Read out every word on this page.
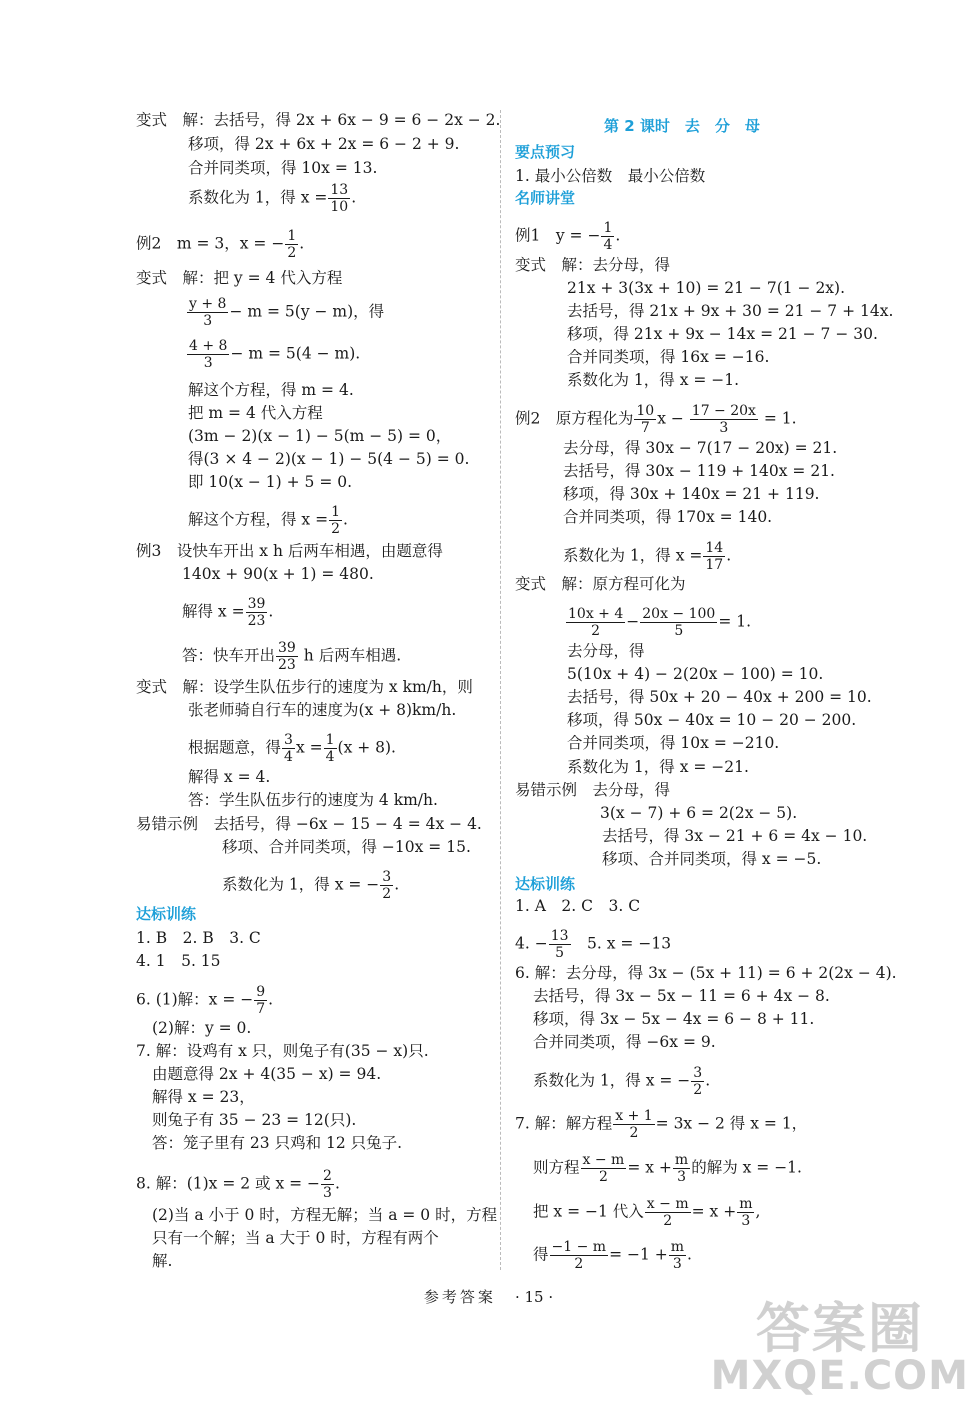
变式　解：去括号，得 2x + 6x − 9 = 6 − 2x − 2.
移项，得 2x + 6x + 2x = 6 − 2 + 9.
合并同类项，得 10x = 13.
系数化为 1，得 $x = \frac{13}{10}$ .
例2　m = 3，x = − $\frac{1}{2}$ .
变式　解：把 y = 4 代入方程
$\frac{y + 8}{3} - m = 5(y - m)$，得
$\frac{4 + 8}{3} - m = 5(4 - m)$.
解这个方程，得 m = 4.
把 m = 4 代入方程
(3m − 2)(x − 1) − 5(m − 5) = 0，
得(3 × 4 − 2)(x − 1) − 5(4 − 5) = 0.
即 10(x − 1) + 5 = 0.
解这个方程，得 $x = \frac{1}{2}$ .
例3　设快车开出 x h 后两车相遇，由题意得
140x + 90(x + 1) = 480.
解得 $x = \frac{39}{23}$ .
答：快车开出 $\frac{39}{23}$ h 后两车相遇.
变式　解：设学生队伍步行的速度为 x km/h，则
张老师骑自行车的速度为(x + 8)km/h.
根据题意，得 $\frac{3}{4}$ $x = \frac{1}{4} (x + 8)$.
解得 x = 4.
答：学生队伍步行的速度为 4 km/h.
易错示例　去括号，得 −6x − 15 − 4 = 4x − 4.
移项、合并同类项，得 −10x = 15.
系数化为 1，得 x = − $\frac{3}{2}$ .
达标训练
1. B　2. B　3. C
4. 1　5. 15
6. (1)解：x = − $\frac{9}{7}$ .
(2)解：y = 0.
7. 解：设鸡有 x 只，则兔子有(35 − x)只.
由题意得 2x + 4(35 − x) = 94.
解得 x = 23，
则兔子有 35 − 23 = 12(只).
答：笼子里有 23 只鸡和 12 只兔子.
8. 解：(1)x = 2 或 x = − $\frac{2}{3}$ .
(2)当 a 小于 0 时，方程无解；当 a = 0 时，方程
只有一个解；当 a 大于 0 时，方程有两个
解.
第 2 课时　去　分　母
要点预习
1. 最小公倍数　最小公倍数
名师讲堂
例1　y = − $\frac{1}{4}$ .
变式　解：去分母，得
21x + 3(3x + 10) = 21 − 7(1 − 2x).
去括号，得 21x + 9x + 30 = 21 − 7 + 14x.
移项，得 21x + 9x − 14x = 21 − 7 − 30.
合并同类项，得 16x = −16.
系数化为 1，得 x = −1.
例2　原方程化为 $\frac{10}{7}$ $x - \frac{17 - 20x}{3} = 1$.
去分母，得 30x − 7(17 − 20x) = 21.
去括号，得 30x − 119 + 140x = 21.
移项，得 30x + 140x = 21 + 119.
合并同类项，得 170x = 140.
系数化为 1，得 $x = \frac{14}{17}$ .
变式　解：原方程可化为
$\frac{10x + 4}{2} - \frac{20x - 100}{5} = 1$.
去分母，得
5(10x + 4) − 2(20x − 100) = 10.
去括号，得 50x + 20 − 40x + 200 = 10.
移项，得 50x − 40x = 10 − 20 − 200.
合并同类项，得 10x = −210.
系数化为 1，得 x = −21.
易错示例　去分母，得
3(x − 7) + 6 = 2(2x − 5).
去括号，得 3x − 21 + 6 = 4x − 10.
移项、合并同类项，得 x = −5.
达标训练
1. A　2. C　3. C
4. − $\frac{13}{5}$
　 5. x = −13
6. 解：去分母，得 3x − (5x + 11) = 6 + 2(2x − 4).
去括号，得 3x − 5x − 11 = 6 + 4x − 8.
移项，得 3x − 5x − 4x = 6 − 8 + 11.
合并同类项，得 −6x = 9.
系数化为 1，得 x = − $\frac{3}{2}$ .
7. 解：解方程 $\frac{x + 1}{2} = 3x - 2$ 得 x = 1，
则方程 $\frac{x - m}{2} = x + \frac{m}{3}$ 的解为 x = −1.
把 x = −1 代入 $\frac{x - m}{2} = x + \frac{m}{3}$ ,
得 $\frac{-1 - m}{2} = -1 + \frac{m}{3}$ .
参考答案 · 15 ·	答案圈
MXQE.COM
